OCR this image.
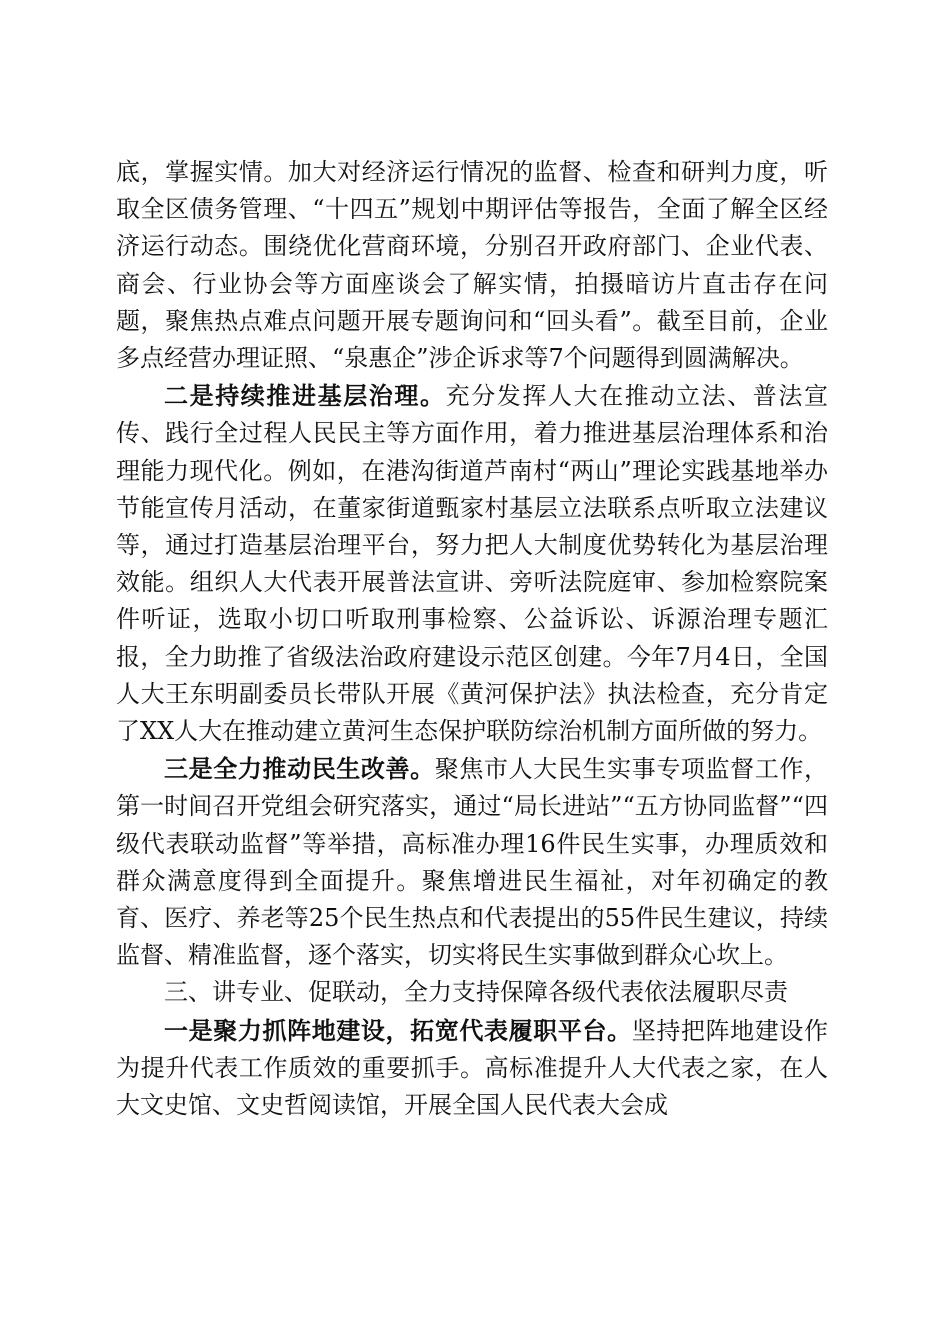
底，掌握实情。加大对经济运行情况的监督、检查和研判力度，听取全区债务管理、“十四五”规划中期评估等报告，全面了解全区经济运行动态。围绕优化营商环境，分别召开政府部门、企业代表、商会、行业协会等方面座谈会了解实情，拍摄暗访片直击存在问题，聚焦热点难点问题开展专题询问和“回头看”。截至目前，企业多点经营办理证照、“泉惠企”涉企诉求等7个问题得到圆满解决。

二是持续推进基层治理。充分发挥人大在推动立法、普法宣传、践行全过程人民民主等方面作用，着力推进基层治理体系和治理能力现代化。例如，在港沟街道芦南村“两山”理论实践基地举办节能宣传月活动，在董家街道甄家村基层立法联系点听取立法建议等，通过打造基层治理平台，努力把人大制度优势转化为基层治理效能。组织人大代表开展普法宣讲、旁听法院庭审、参加检察院案件听证，选取小切口听取刑事检察、公益诉讼、诉源治理专题汇报，全力助推了省级法治政府建设示范区创建。今年7月4日，全国人大王东明副委员长带队开展《黄河保护法》执法检查，充分肯定了XX人大在推动建立黄河生态保护联防综治机制方面所做的努力。

三是全力推动民生改善。聚焦市人大民生实事专项监督工作，第一时间召开党组会研究落实，通过“局长进站”“五方协同监督”“四级代表联动监督”等举措，高标准办理16件民生实事，办理质效和群众满意度得到全面提升。聚焦增进民生福祉，对年初确定的教育、医疗、养老等25个民生热点和代表提出的55件民生建议，持续监督、精准监督，逐个落实，切实将民生实事做到群众心坎上。

三、讲专业、促联动，全力支持保障各级代表依法履职尽责

一是聚力抓阵地建设，拓宽代表履职平台。坚持把阵地建设作为提升代表工作质效的重要抓手。高标准提升人大代表之家，在人大文史馆、文史哲阅读馆，开展全国人民代表大会成
